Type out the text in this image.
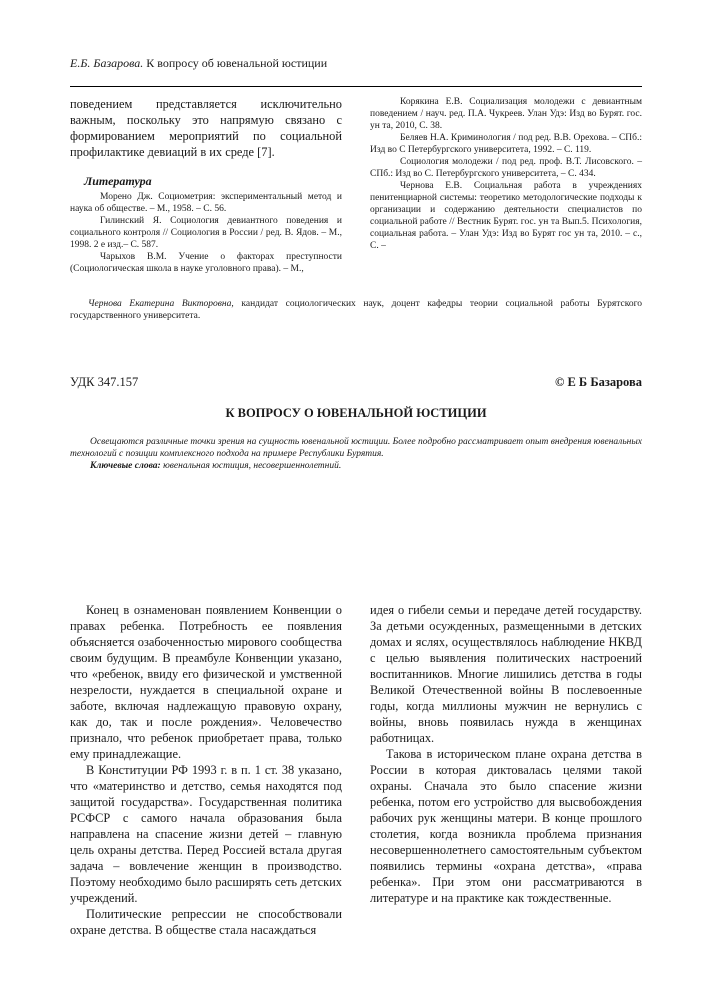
Е.Б. Базарова. К вопросу об ювенальной юстиции

поведением представляется исключительно важным, поскольку это напрямую связано с формированием мероприятий по социальной профилактике девиаций в их среде [7].

Литература

Морено Дж. Социометрия: экспериментальный метод и наука об обществе. – М., 1958. – С. 56.

Гилинский Я. Социология девиантного поведения и социального контроля // Социология в России / ред. В. Ядов. – М., 1998. 2 е изд.– С. 587.

Чарыхов В.М. Учение о факторах преступности (Социологическая школа в науке уголовного права). – М.,

Корякина Е.В. Социализация молодежи с девиантным поведением / науч. ред. П.А. Чукреев. Улан Удэ: Изд во Бурят. гос. ун та, 2010, С. 38.

Беляев Н.А. Криминология / под ред. В.В. Орехова. – СПб.: Изд во С Петербургского университета, 1992. – С. 119.

Социология молодежи / под ред. проф. В.Т. Лисовского. – СПб.: Изд во С. Петербургского университета, – С. 434.

Чернова Е.В. Социальная работа в учреждениях пенитенциарной системы: теоретико методологические подходы к организации и содержанию деятельности специалистов по социальной работе // Вестник Бурят. гос. ун та Вып.5. Психология, социальная работа. – Улан Удэ: Изд во Бурят гос ун та, 2010. – с., С. –

Чернова Екатерина Викторовна, кандидат социологических наук, доцент кафедры теории социальной работы Бурятского государственного университета.
УДК 347.157	© Е Б Базарова
К ВОПРОСУ О ЮВЕНАЛЬНОЙ ЮСТИЦИИ

Освещаются различные точки зрения на сущность ювенальной юстиции. Более подробно рассматривает опыт внедрения ювенальных технологий с позиции комплексного подхода на примере Республики Бурятия.

Ключевые слова: ювенальная юстиция, несовершеннолетний.

Конец в ознаменован появлением Конвенции о правах ребенка. Потребность ее появления объясняется озабоченностью мирового сообщества своим будущим. В преамбуле Конвенции указано, что «ребенок, ввиду его физической и умственной незрелости, нуждается в специальной охране и заботе, включая надлежащую правовую охрану, как до, так и после рождения». Человечество признало, что ребенок приобретает права, только ему принадлежащие.

В Конституции РФ 1993 г. в п. 1 ст. 38 указано, что «материнство и детство, семья находятся под защитой государства». Государственная политика РСФСР с самого начала образования была направлена на спасение жизни детей – главную цель охраны детства. Перед Россией встала другая задача – вовлечение женщин в производство. Поэтому необходимо было расширять сеть детских учреждений.

Политические репрессии не способствовали охране детства. В обществе стала насаждаться

идея о гибели семьи и передаче детей государству. За детьми осужденных, размещенными в детских домах и яслях, осуществлялось наблюдение НКВД с целью выявления политических настроений воспитанников. Многие лишились детства в годы Великой Отечественной войны В послевоенные годы, когда миллионы мужчин не вернулись с войны, вновь появилась нужда в женщинах работницах.

Такова в историческом плане охрана детства в России в которая диктовалась целями такой охраны. Сначала это было спасение жизни ребенка, потом его устройство для высвобождения рабочих рук женщины матери. В конце прошлого столетия, когда возникла проблема признания несовершеннолетнего самостоятельным субъектом появились термины «охрана детства», «права ребенка». При этом они рассматриваются в литературе и на практике как тождественные.
